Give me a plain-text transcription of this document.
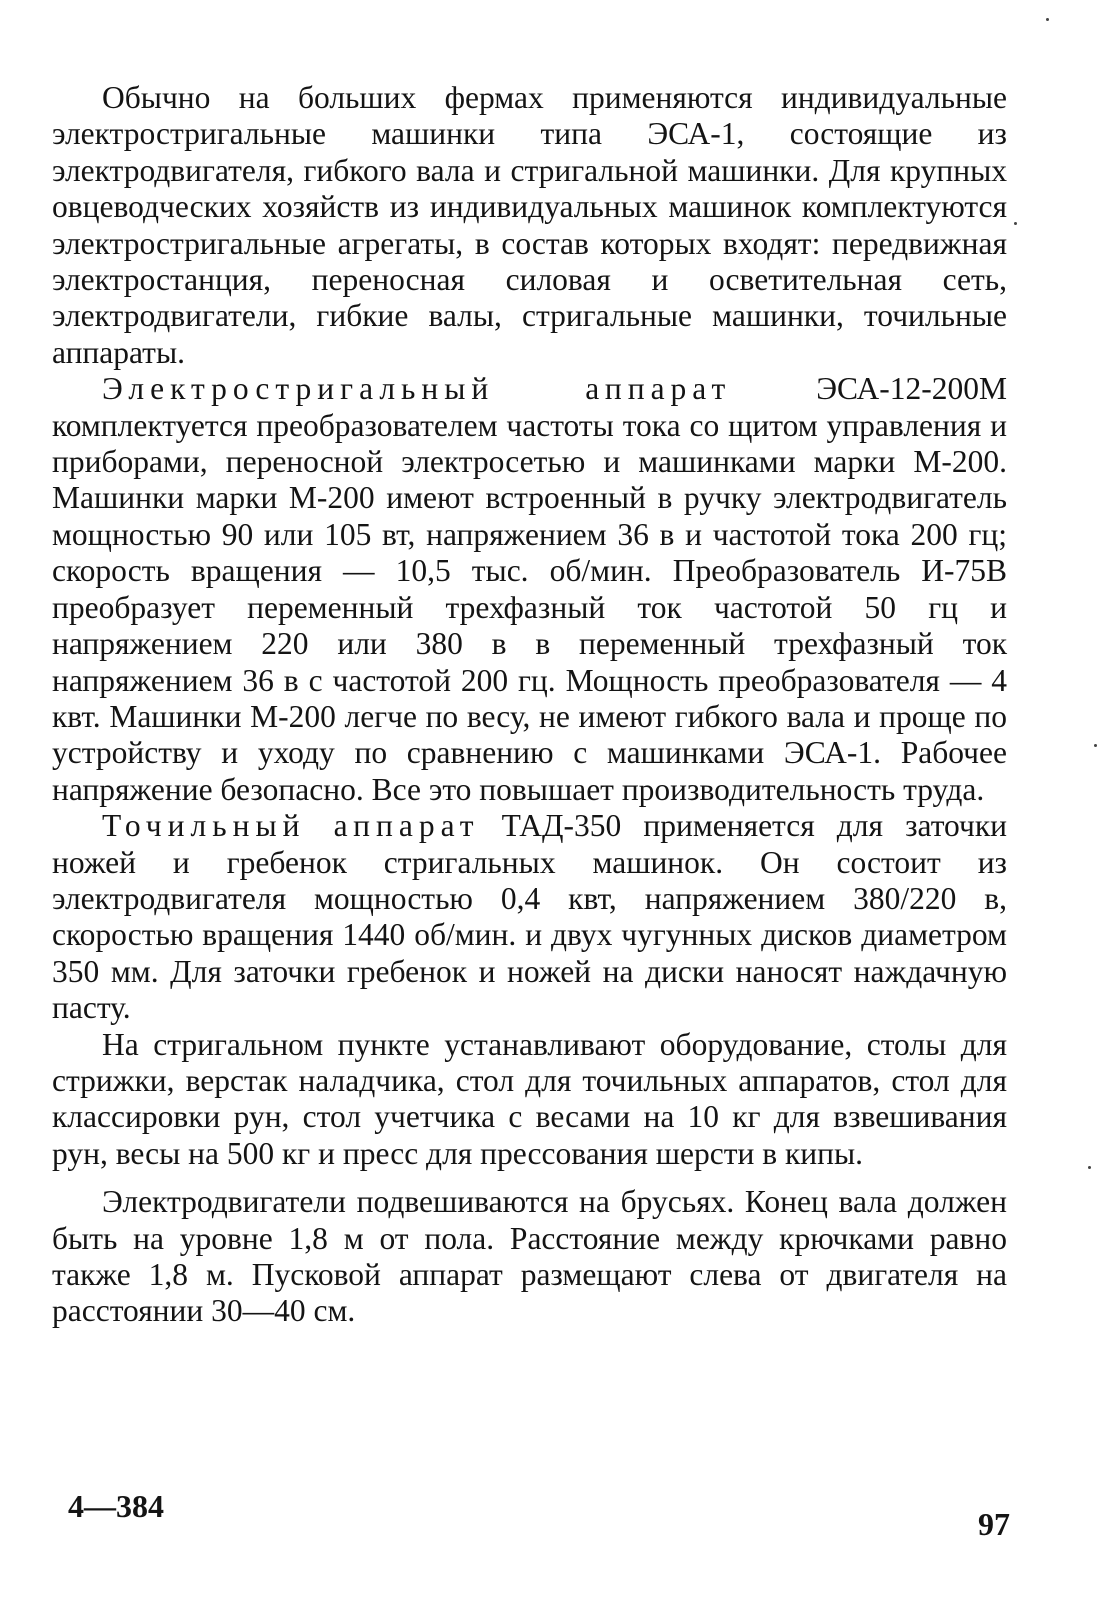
Обычно на больших фермах применяются индивидуальные электростригальные машинки типа ЭСА-1, состоящие из электродвигателя, гибкого вала и стригальной машинки. Для крупных овцеводческих хозяйств из индивидуальных машинок комплектуются электростригальные агрегаты, в состав которых входят: передвижная электростанция, переносная силовая и осветительная сеть, электродвигатели, гибкие валы, стригальные машинки, точильные аппараты.

Электростригальный аппарат ЭСА-12-200М комплектуется преобразователем частоты тока со щитом управления и приборами, переносной электросетью и машинками марки М-200. Машинки марки М-200 имеют встроенный в ручку электродвигатель мощностью 90 или 105 вт, напряжением 36 в и частотой тока 200 гц; скорость вращения — 10,5 тыс. об/мин. Преобразователь И-75В преобразует переменный трехфазный ток частотой 50 гц и напряжением 220 или 380 в в переменный трехфазный ток напряжением 36 в с частотой 200 гц. Мощность преобразователя — 4 квт. Машинки М-200 легче по весу, не имеют гибкого вала и проще по устройству и уходу по сравнению с машинками ЭСА-1. Рабочее напряжение безопасно. Все это повышает производительность труда.

Точильный аппарат ТАД-350 применяется для заточки ножей и гребенок стригальных машинок. Он состоит из электродвигателя мощностью 0,4 квт, напряжением 380/220 в, скоростью вращения 1440 об/мин. и двух чугунных дисков диаметром 350 мм. Для заточки гребенок и ножей на диски наносят наждачную пасту.

На стригальном пункте устанавливают оборудование, столы для стрижки, верстак наладчика, стол для точильных аппаратов, стол для классировки рун, стол учетчика с весами на 10 кг для взвешивания рун, весы на 500 кг и пресс для прессования шерсти в кипы.

Электродвигатели подвешиваются на брусьях. Конец вала должен быть на уровне 1,8 м от пола. Расстояние между крючками равно также 1,8 м. Пусковой аппарат размещают слева от двигателя на расстоянии 30—40 см.

4—384	97
